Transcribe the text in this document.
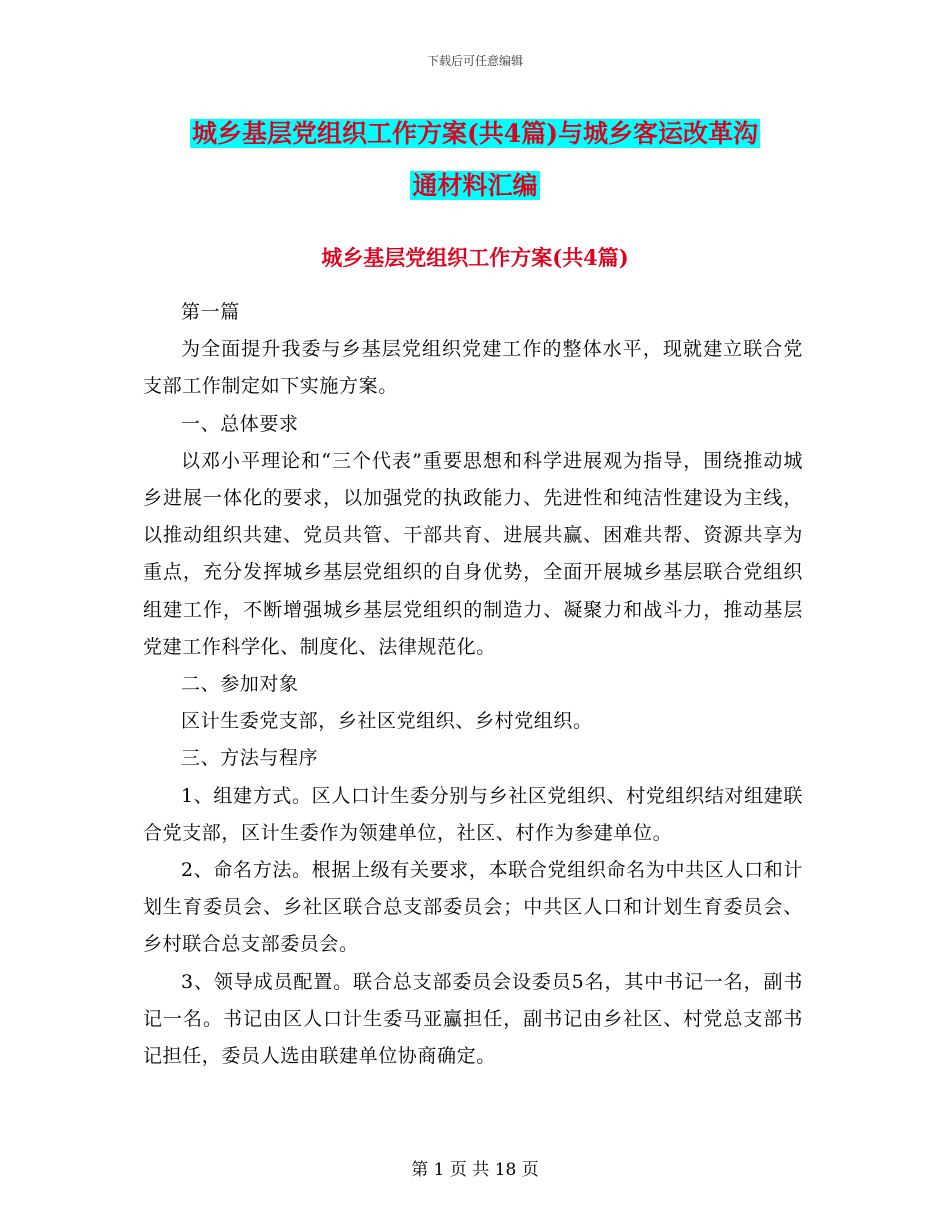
下载后可任意编辑
城乡基层党组织工作方案(共4篇)与城乡客运改革沟
通材料汇编
城乡基层党组织工作方案(共4篇)

第一篇

为全面提升我委与乡基层党组织党建工作的整体水平，现就建立联合党支部工作制定如下实施方案。

一、总体要求

以邓小平理论和“三个代表”重要思想和科学进展观为指导，围绕推动城乡进展一体化的要求，以加强党的执政能力、先进性和纯洁性建设为主线，以推动组织共建、党员共管、干部共育、进展共赢、困难共帮、资源共享为重点，充分发挥城乡基层党组织的自身优势，全面开展城乡基层联合党组织组建工作，不断增强城乡基层党组织的制造力、凝聚力和战斗力，推动基层党建工作科学化、制度化、法律规范化。

二、参加对象

区计生委党支部，乡社区党组织、乡村党组织。

三、方法与程序

1、组建方式。区人口计生委分别与乡社区党组织、村党组织结对组建联合党支部，区计生委作为领建单位，社区、村作为参建单位。

2、命名方法。根据上级有关要求，本联合党组织命名为中共区人口和计划生育委员会、乡社区联合总支部委员会；中共区人口和计划生育委员会、乡村联合总支部委员会。

3、领导成员配置。联合总支部委员会设委员5名，其中书记一名，副书记一名。书记由区人口计生委马亚鸁担任，副书记由乡社区、村党总支部书记担任，委员人选由联建单位协商确定。

第 1 页 共 18 页
